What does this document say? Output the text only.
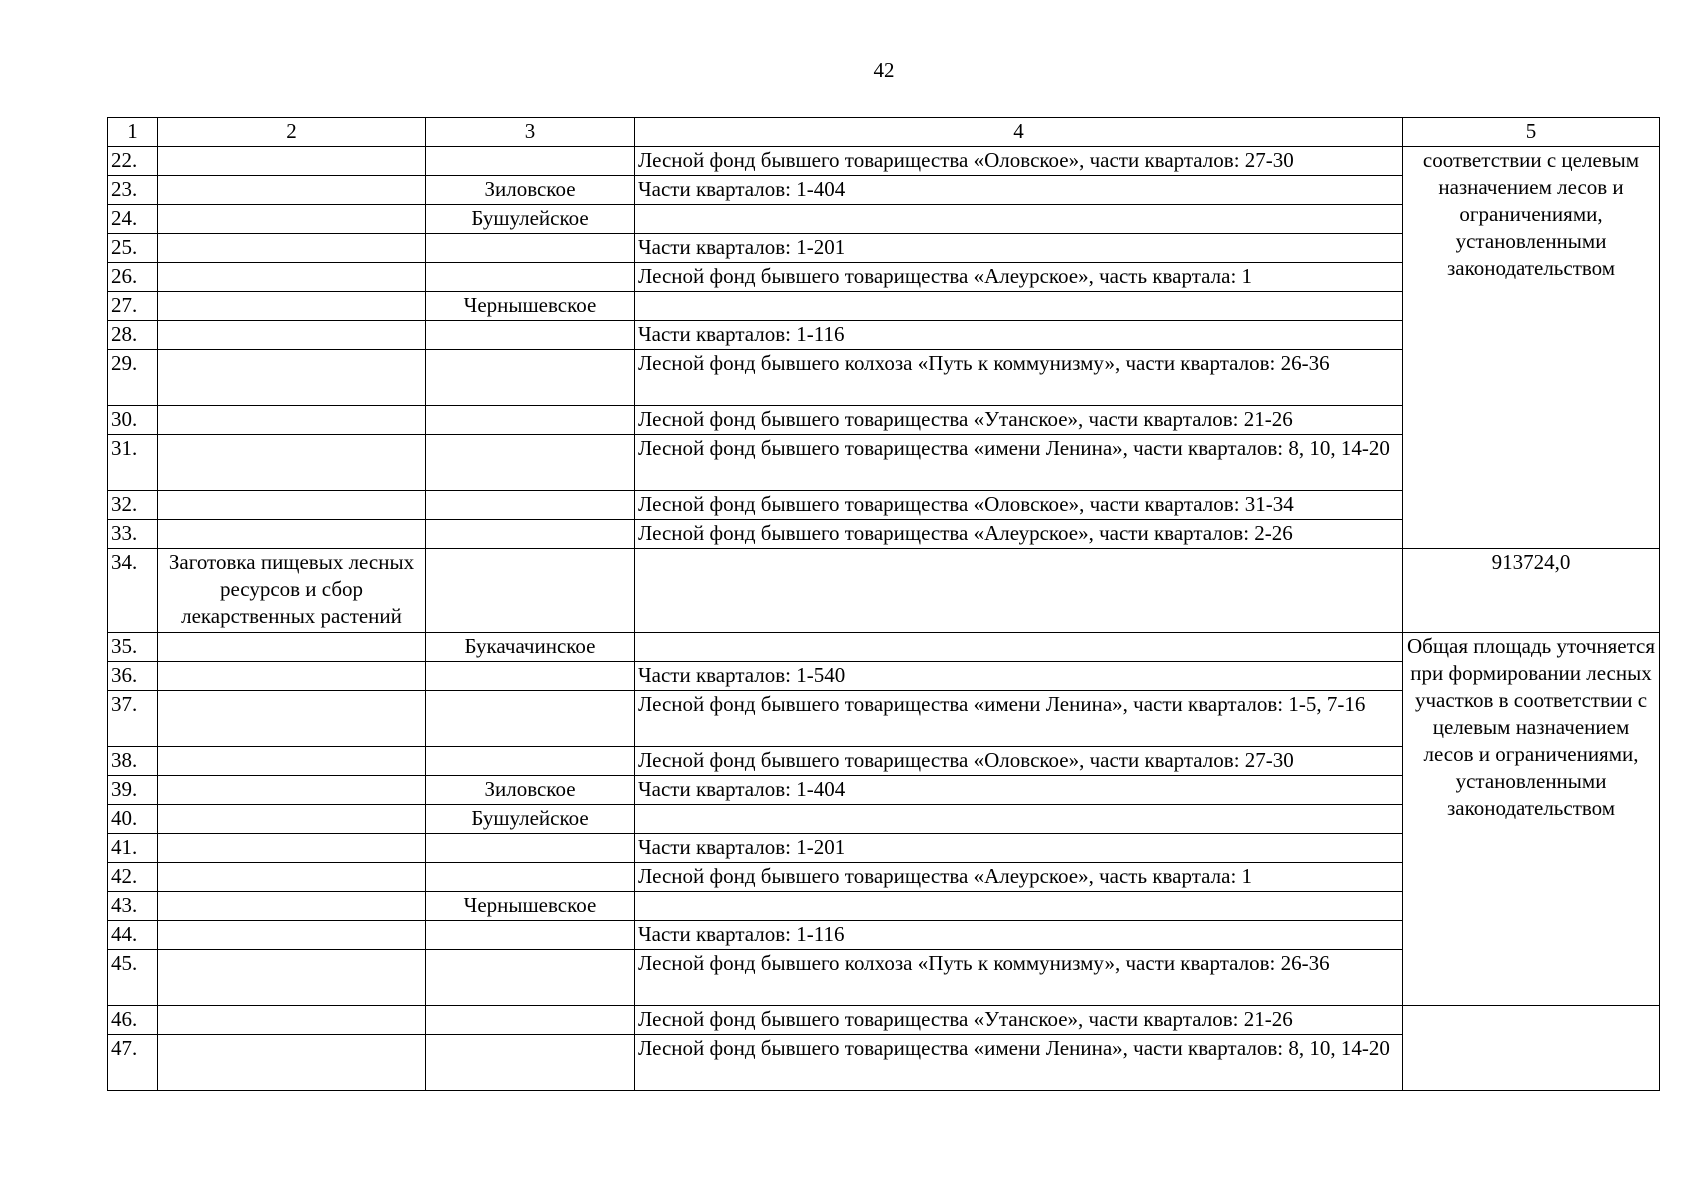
42
1	2	3	4	5
22.			Лесной фонд бывшего товарищества «Оловское», части кварталов: 27-30	соответствии с целевым назначением лесов и ограничениями, установленными законодательством
23.		Зиловское	Части кварталов: 1-404	
24.		Бушулейское		
25.			Части кварталов: 1-201	
26.			Лесной фонд бывшего товарищества «Алеурское», часть квартала: 1	
27.		Чернышевское		
28.			Части кварталов: 1-116	
29.			Лесной фонд бывшего колхоза «Путь к коммунизму», части кварталов: 26-36	
30.			Лесной фонд бывшего товарищества «Утанское», части кварталов: 21-26	
31.			Лесной фонд бывшего товарищества «имени Ленина», части кварталов: 8, 10, 14-20	
32.			Лесной фонд бывшего товарищества «Оловское», части кварталов: 31-34	
33.			Лесной фонд бывшего товарищества «Алеурское», части кварталов: 2-26	
34.	Заготовка пищевых лесных ресурсов и сбор лекарственных растений			913724,0
35.		Букачачинское		Общая площадь уточняется при формировании лесных участков в соответствии с целевым назначением лесов и ограничениями, установленными законодательством
36.			Части кварталов: 1-540	
37.			Лесной фонд бывшего товарищества «имени Ленина», части кварталов: 1-5, 7-16	
38.			Лесной фонд бывшего товарищества «Оловское», части кварталов: 27-30	
39.		Зиловское	Части кварталов: 1-404	
40.		Бушулейское		
41.			Части кварталов: 1-201	
42.			Лесной фонд бывшего товарищества «Алеурское», часть квартала: 1	
43.		Чернышевское		
44.			Части кварталов: 1-116	
45.			Лесной фонд бывшего колхоза «Путь к коммунизму», части кварталов: 26-36	
46.			Лесной фонд бывшего товарищества «Утанское», части кварталов: 21-26	
47.			Лесной фонд бывшего товарищества «имени Ленина», части кварталов: 8, 10, 14-20	
